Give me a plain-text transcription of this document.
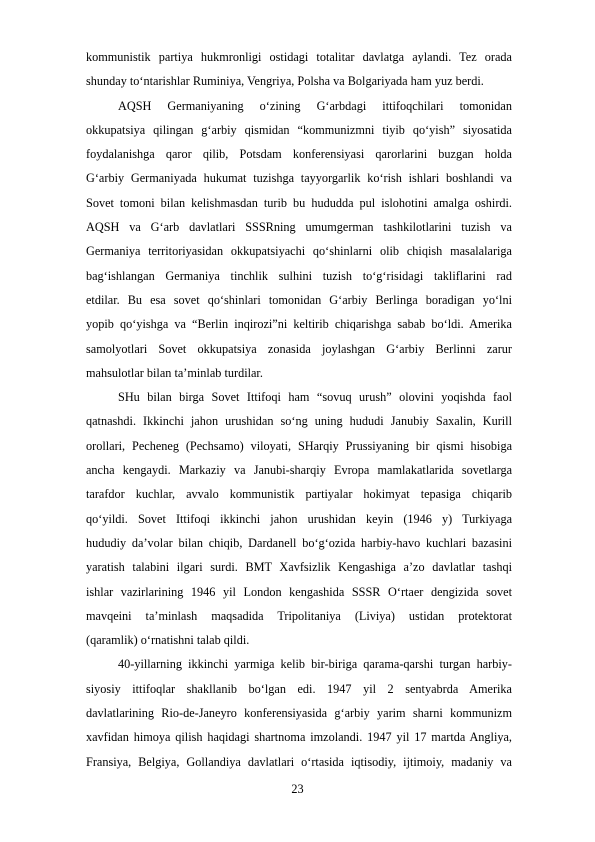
kommunistik partiya hukmronligi ostidagi totalitar davlatga aylandi. Tez orada
shunday to‘ntarishlar Ruminiya, Vengriya, Polsha va Bolgariyada ham yuz berdi.
AQSH Germaniyaning o‘zining G‘arbdagi ittifoqchilari tomonidan
okkupatsiya qilingan g‘arbiy qismidan “kommunizmni tiyib qo‘yish” siyosatida
foydalanishga qaror qilib, Potsdam konferensiyasi qarorlarini buzgan holda
G‘arbiy Germaniyada hukumat tuzishga tayyorgarlik ko‘rish ishlari boshlandi va
Sovet tomoni bilan kelishmasdan turib bu hududda pul islohotini amalga oshirdi.
AQSH va G‘arb davlatlari SSSRning umumgerman tashkilotlarini tuzish va
Germaniya territoriyasidan okkupatsiyachi qo‘shinlarni olib chiqish masalalariga
bag‘ishlangan Germaniya tinchlik sulhini tuzish to‘g‘risidagi takliflarini rad
etdilar. Bu esa sovet qo‘shinlari tomonidan G‘arbiy Berlinga boradigan yo‘lni
yopib qo‘yishga va “Berlin inqirozi”ni keltirib chiqarishga sabab bo‘ldi. Amerika
samolyotlari Sovet okkupatsiya zonasida joylashgan G‘arbiy Berlinni zarur
mahsulotlar bilan ta’minlab turdilar.
SHu bilan birga Sovet Ittifoqi ham “sovuq urush” olovini yoqishda faol
qatnashdi. Ikkinchi jahon urushidan so‘ng uning hududi Janubiy Saxalin, Kurill
orollari, Pecheneg (Pechsamo) viloyati, SHarqiy Prussiyaning bir qismi hisobiga
ancha kengaydi. Markaziy va Janubi-sharqiy Evropa mamlakatlarida sovetlarga
tarafdor kuchlar, avvalo kommunistik partiyalar hokimyat tepasiga chiqarib
qo‘yildi. Sovet Ittifoqi ikkinchi jahon urushidan keyin (1946 y) Turkiyaga
hududiy da’volar bilan chiqib, Dardanell bo‘g‘ozida harbiy-havo kuchlari bazasini
yaratish talabini ilgari surdi. BMT Xavfsizlik Kengashiga a’zo davlatlar tashqi
ishlar vazirlarining 1946 yil London kengashida SSSR O‘rtaer dengizida sovet
mavqeini ta’minlash maqsadida Tripolitaniya (Liviya) ustidan protektorat
(qaramlik) o‘rnatishni talab qildi.
40-yillarning ikkinchi yarmiga kelib bir-biriga qarama-qarshi turgan harbiy-
siyosiy ittifoqlar shakllanib bo‘lgan edi. 1947 yil 2 sentyabrda Amerika
davlatlarining Rio-de-Janeyro konferensiyasida g‘arbiy yarim sharni kommunizm
xavfidan himoya qilish haqidagi shartnoma imzolandi. 1947 yil 17 martda Angliya,
Fransiya, Belgiya, Gollandiya davlatlari o‘rtasida iqtisodiy, ijtimoiy, madaniy va
23
